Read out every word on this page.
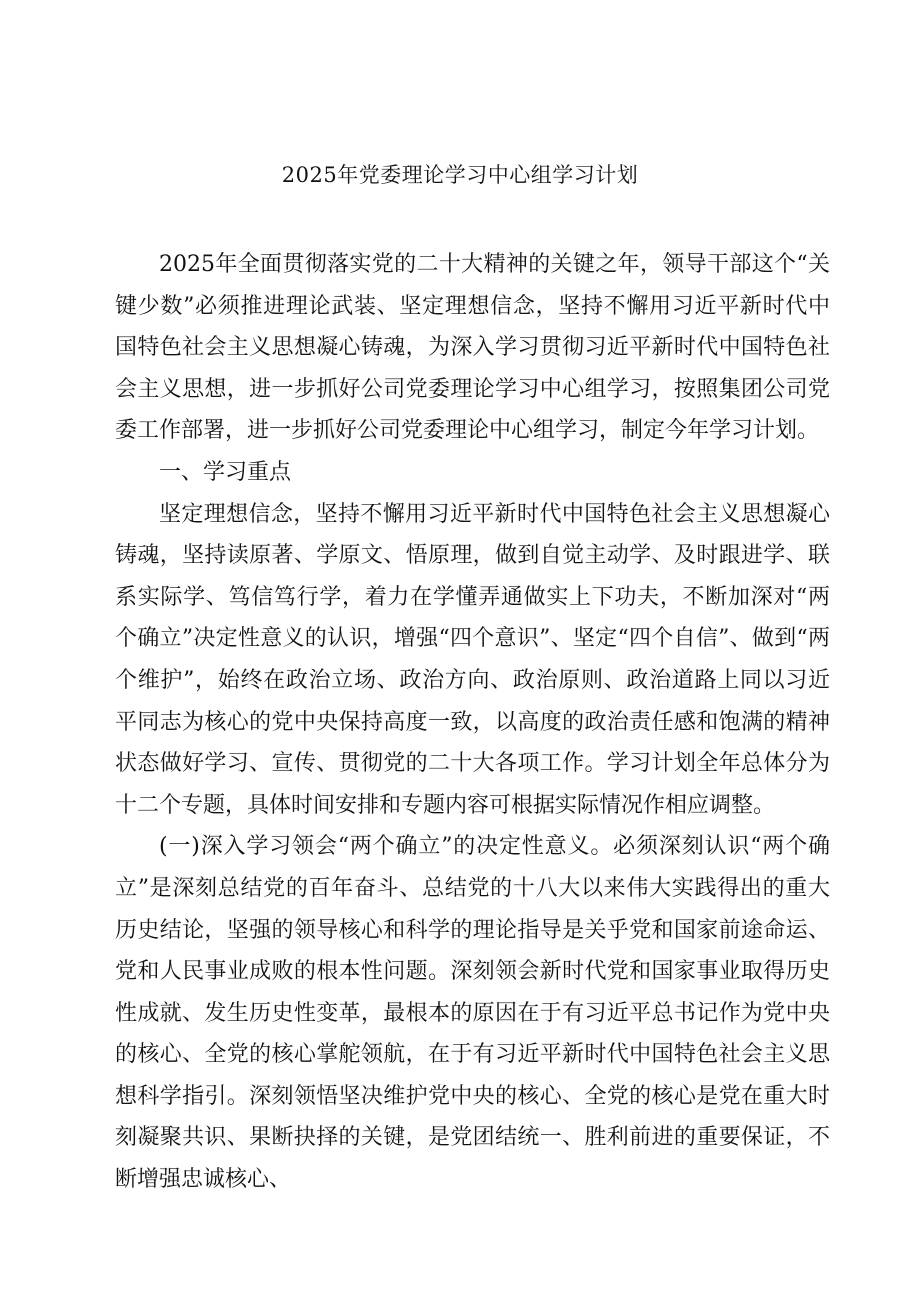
2025年党委理论学习中心组学习计划

2025年全面贯彻落实党的二十大精神的关键之年，领导干部这个“关键少数”必须推进理论武装、坚定理想信念，坚持不懈用习近平新时代中国特色社会主义思想凝心铸魂，为深入学习贯彻习近平新时代中国特色社会主义思想，进一步抓好公司党委理论学习中心组学习，按照集团公司党委工作部署，进一步抓好公司党委理论中心组学习，制定今年学习计划。

一、学习重点

坚定理想信念，坚持不懈用习近平新时代中国特色社会主义思想凝心铸魂，坚持读原著、学原文、悟原理，做到自觉主动学、及时跟进学、联系实际学、笃信笃行学，着力在学懂弄通做实上下功夫，不断加深对“两个确立”决定性意义的认识，增强“四个意识”、坚定“四个自信”、做到“两个维护”，始终在政治立场、政治方向、政治原则、政治道路上同以习近平同志为核心的党中央保持高度一致，以高度的政治责任感和饱满的精神状态做好学习、宣传、贯彻党的二十大各项工作。学习计划全年总体分为十二个专题，具体时间安排和专题内容可根据实际情况作相应调整。

(一)深入学习领会“两个确立”的决定性意义。必须深刻认识“两个确立”是深刻总结党的百年奋斗、总结党的十八大以来伟大实践得出的重大历史结论，坚强的领导核心和科学的理论指导是关乎党和国家前途命运、党和人民事业成败的根本性问题。深刻领会新时代党和国家事业取得历史性成就、发生历史性变革，最根本的原因在于有习近平总书记作为党中央的核心、全党的核心掌舵领航，在于有习近平新时代中国特色社会主义思想科学指引。深刻领悟坚决维护党中央的核心、全党的核心是党在重大时刻凝聚共识、果断抉择的关键，是党团结统一、胜利前进的重要保证，不断增强忠诚核心、
